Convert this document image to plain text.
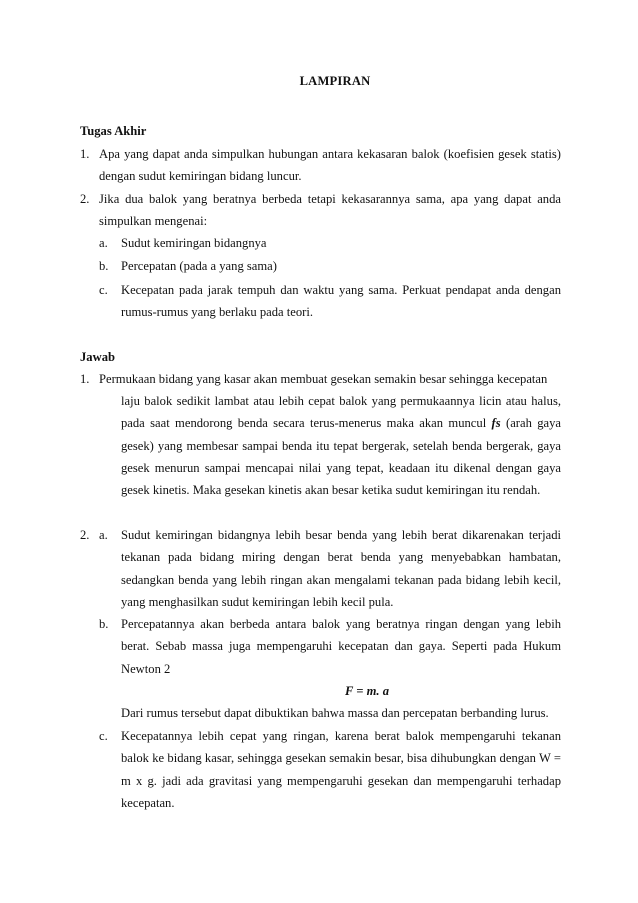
LAMPIRAN
Tugas Akhir
1. Apa yang dapat anda simpulkan hubungan antara kekasaran balok (koefisien gesek statis) dengan sudut kemiringan bidang luncur.
2. Jika dua balok yang beratnya berbeda tetapi kekasarannya sama, apa yang dapat anda simpulkan mengenai:
a. Sudut kemiringan bidangnya
b. Percepatan (pada a yang sama)
c. Kecepatan pada jarak tempuh dan waktu yang sama. Perkuat pendapat anda dengan rumus-rumus yang berlaku pada teori.
Jawab
1. Permukaan bidang yang kasar akan membuat gesekan semakin besar sehingga kecepatan
laju balok sedikit lambat atau lebih cepat balok yang permukaannya licin atau halus, pada saat mendorong benda secara terus-menerus maka akan muncul fs (arah gaya gesek) yang membesar sampai benda itu tepat bergerak, setelah benda bergerak, gaya gesek menurun sampai mencapai nilai yang tepat, keadaan itu dikenal dengan gaya gesek kinetis. Maka gesekan kinetis akan besar ketika sudut kemiringan itu rendah.
2. a. Sudut kemiringan bidangnya lebih besar benda yang lebih berat dikarenakan terjadi tekanan pada bidang miring dengan berat benda yang menyebabkan hambatan, sedangkan benda yang lebih ringan akan mengalami tekanan pada bidang lebih kecil, yang menghasilkan sudut kemiringan lebih kecil pula.
b. Percepatannya akan berbeda antara balok yang beratnya ringan dengan yang lebih berat. Sebab massa juga mempengaruhi kecepatan dan gaya. Seperti pada Hukum Newton 2
F = m. a
Dari rumus tersebut dapat dibuktikan bahwa massa dan percepatan berbanding lurus.
c. Kecepatannya lebih cepat yang ringan, karena berat balok mempengaruhi tekanan balok ke bidang kasar, sehingga gesekan semakin besar, bisa dihubungkan dengan W = m x g. jadi ada gravitasi yang mempengaruhi gesekan dan mempengaruhi terhadap kecepatan.
